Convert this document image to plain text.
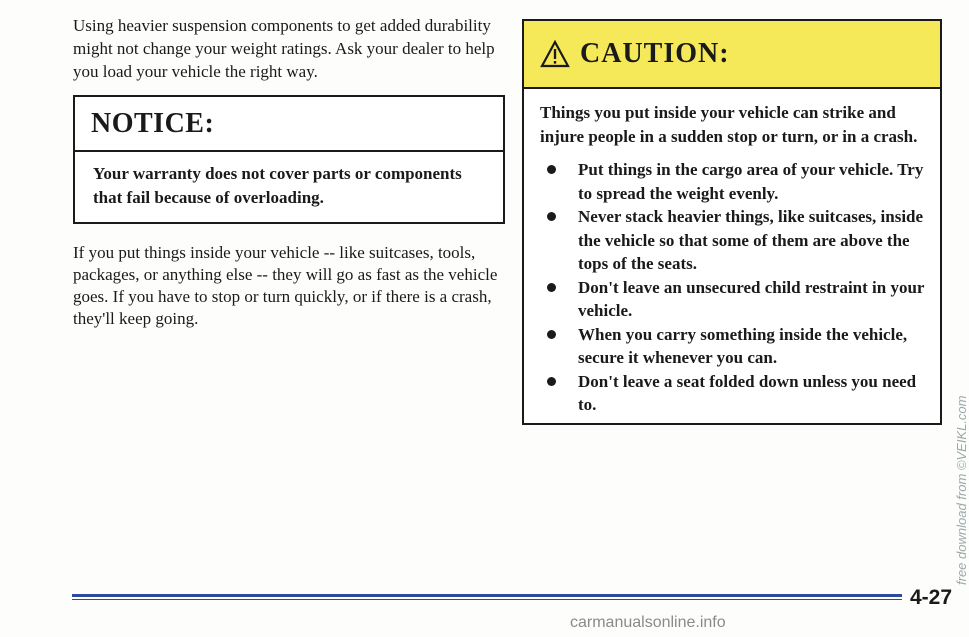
Using heavier suspension components to get added durability might not change your weight ratings. Ask your dealer to help you load your vehicle the right way.

NOTICE:
Your warranty does not cover parts or components that fail because of overloading.

If you put things inside your vehicle -- like suitcases, tools, packages, or anything else -- they will go as fast as the vehicle goes. If you have to stop or turn quickly, or if there is a crash, they'll keep going.

CAUTION:

Things you put inside your vehicle can strike and injure people in a sudden stop or turn, or in a crash.

Put things in the cargo area of your vehicle. Try to spread the weight evenly.
Never stack heavier things, like suitcases, inside the vehicle so that some of them are above the tops of the seats.
Don't leave an unsecured child restraint in your vehicle.
When you carry something inside the vehicle, secure it whenever you can.
Don't leave a seat folded down unless you need to.	free download from ©VEIKL.com
4-27
carmanualsonline.info
